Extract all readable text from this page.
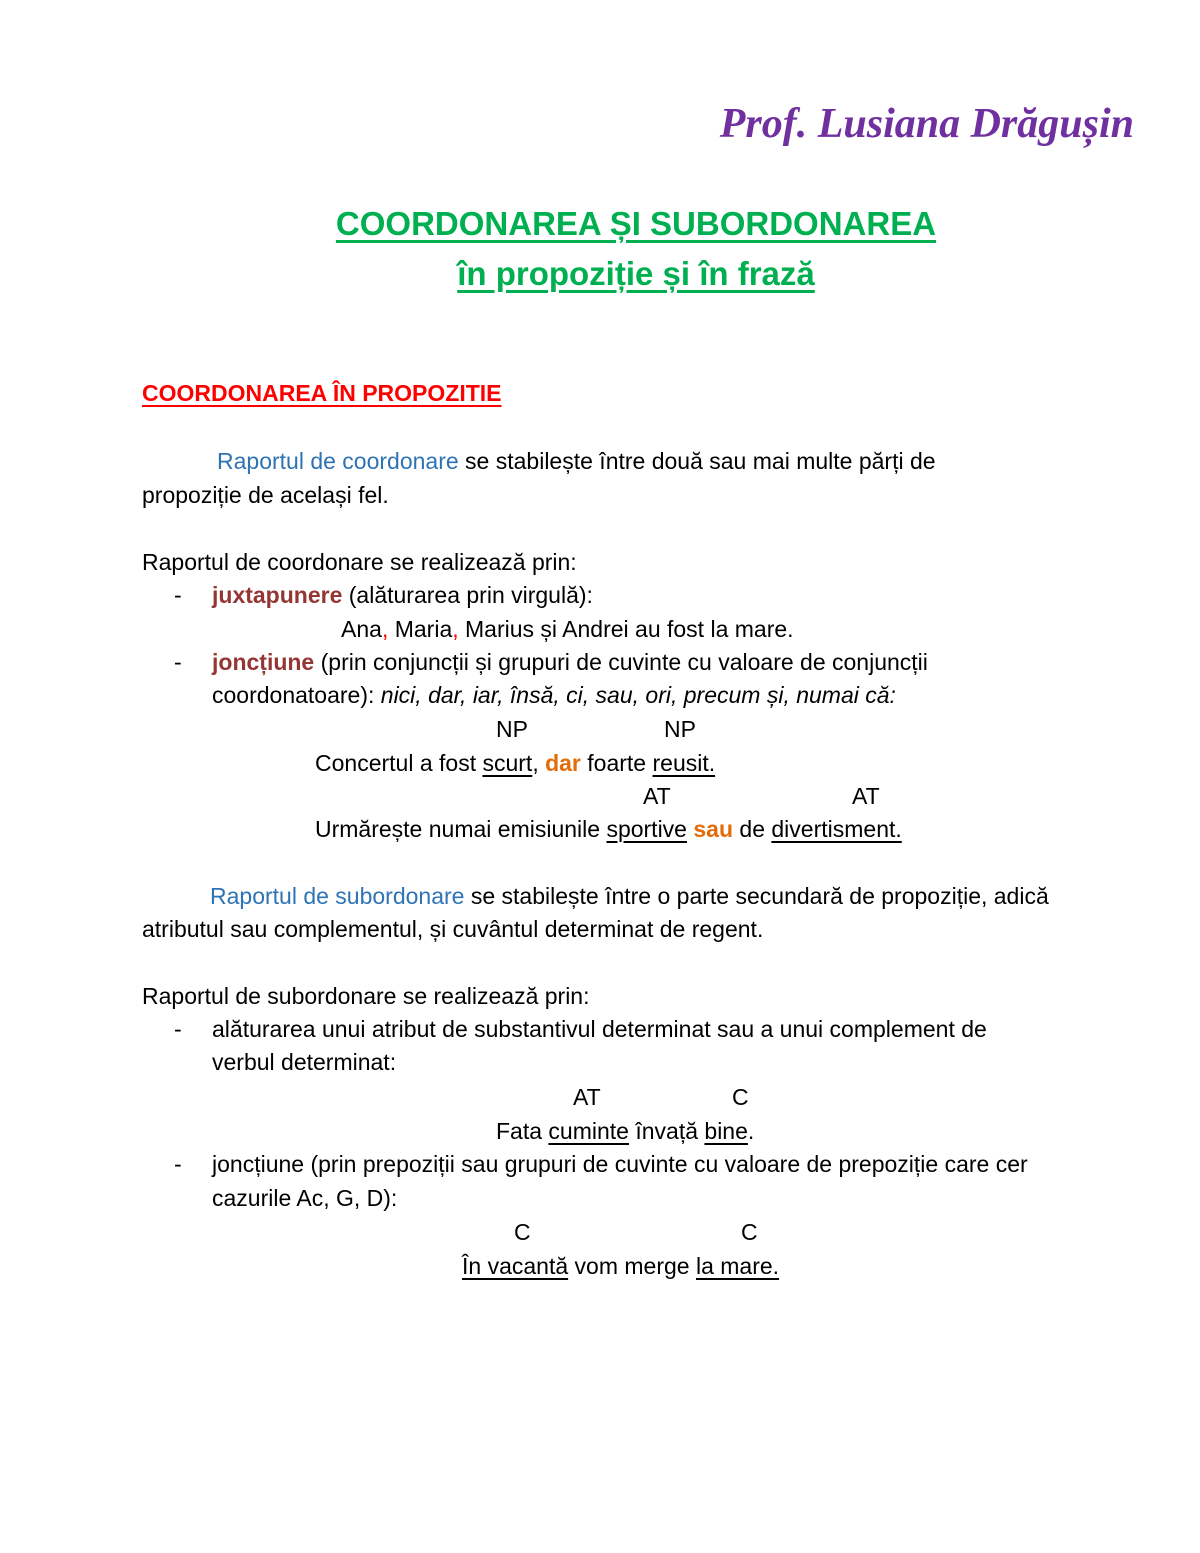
Prof. Lusiana Drăgușin
COORDONAREA ȘI SUBORDONAREA
în propoziție și în frază
COORDONAREA ÎN PROPOZITIE
Raportul de coordonare se stabilește între două sau mai multe părți de
propoziție de același fel.
Raportul de coordonare se realizează prin:
- juxtapunere (alăturarea prin virgulă):
Ana, Maria, Marius și Andrei au fost la mare.
- joncțiune (prin conjuncții și grupuri de cuvinte cu valoare de conjuncții
coordonatoare): nici, dar, iar, însă, ci, sau, ori, precum și, numai că:
NP	NP
Concertul a fost scurt, dar foarte reusit.
AT	AT
Urmărește numai emisiunile sportive sau de divertisment.
Raportul de subordonare se stabilește între o parte secundară de propoziție, adică
atributul sau complementul, și cuvântul determinat de regent.
Raportul de subordonare se realizează prin:
- alăturarea unui atribut de substantivul determinat sau a unui complement de
verbul determinat:
AT	C
Fata cuminte învață bine.
- joncțiune (prin prepoziții sau grupuri de cuvinte cu valoare de prepoziție care cer
cazurile Ac, G, D):
C	C
În vacantă vom merge la mare.
